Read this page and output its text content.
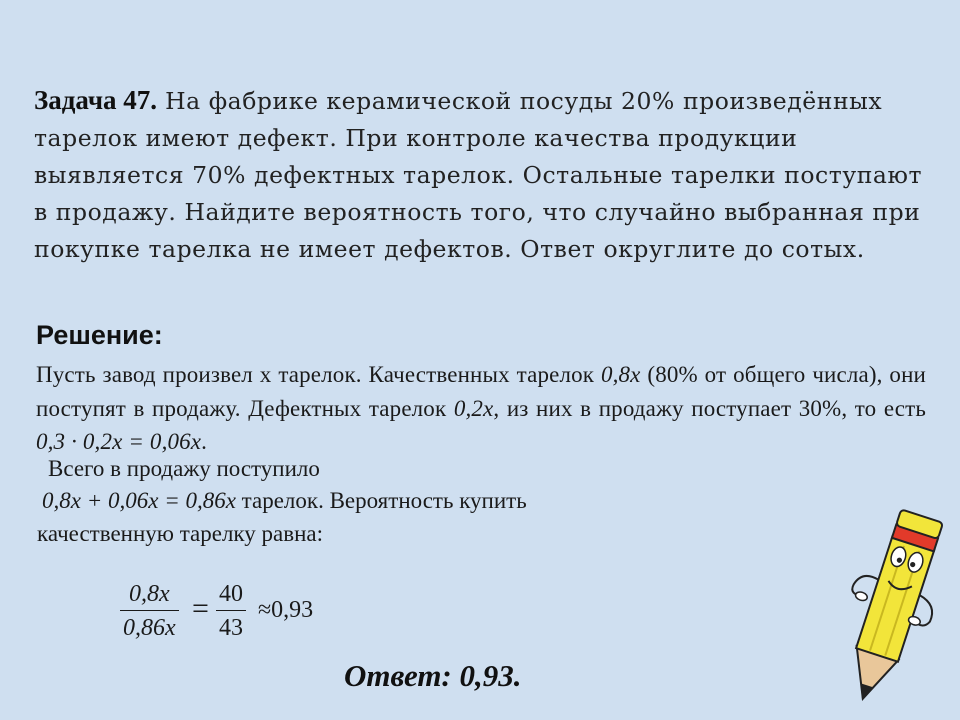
Задача 47. На фабрике керамической посуды 20% произведённых тарелок имеют дефект. При контроле качества продукции выявляется 70% дефектных тарелок. Остальные тарелки поступают в продажу. Найдите вероятность того, что случайно выбранная при покупке тарелка не имеет дефектов. Ответ округлите до сотых.
Решение:
Пусть завод произвел х тарелок. Качественных тарелок 0,8x (80% от общего числа), они поступят в продажу. Дефектных тарелок 0,2x, из них в продажу поступает 30%, то есть 0,3 · 0,2x = 0,06x.
Всего в продажу поступило
0,8x + 0,06x = 0,86x тарелок. Вероятность купить
качественную тарелку равна:
$\frac{0,8x}{0,86x} = \frac{40}{43} \approx 0,93$
Ответ: 0,93.
